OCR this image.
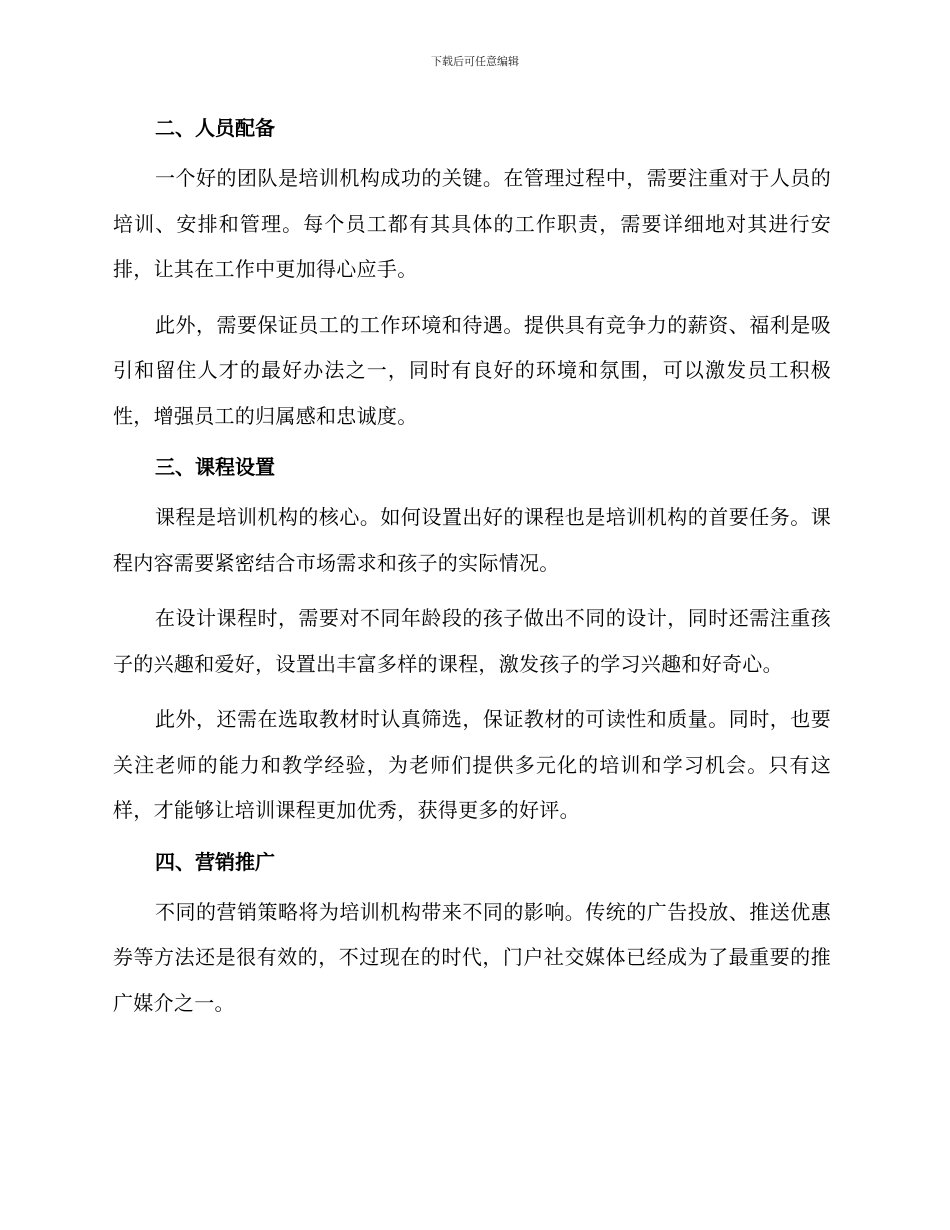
下载后可任意编辑
二、人员配备

一个好的团队是培训机构成功的关键。在管理过程中，需要注重对于人员的培训、安排和管理。每个员工都有其具体的工作职责，需要详细地对其进行安排，让其在工作中更加得心应手。

此外，需要保证员工的工作环境和待遇。提供具有竞争力的薪资、福利是吸引和留住人才的最好办法之一，同时有良好的环境和氛围，可以激发员工积极性，增强员工的归属感和忠诚度。

三、课程设置

课程是培训机构的核心。如何设置出好的课程也是培训机构的首要任务。课程内容需要紧密结合市场需求和孩子的实际情况。

在设计课程时，需要对不同年龄段的孩子做出不同的设计，同时还需注重孩子的兴趣和爱好，设置出丰富多样的课程，激发孩子的学习兴趣和好奇心。

此外，还需在选取教材时认真筛选，保证教材的可读性和质量。同时，也要关注老师的能力和教学经验，为老师们提供多元化的培训和学习机会。只有这样，才能够让培训课程更加优秀，获得更多的好评。

四、营销推广

不同的营销策略将为培训机构带来不同的影响。传统的广告投放、推送优惠券等方法还是很有效的，不过现在的时代，门户社交媒体已经成为了最重要的推广媒介之一。
